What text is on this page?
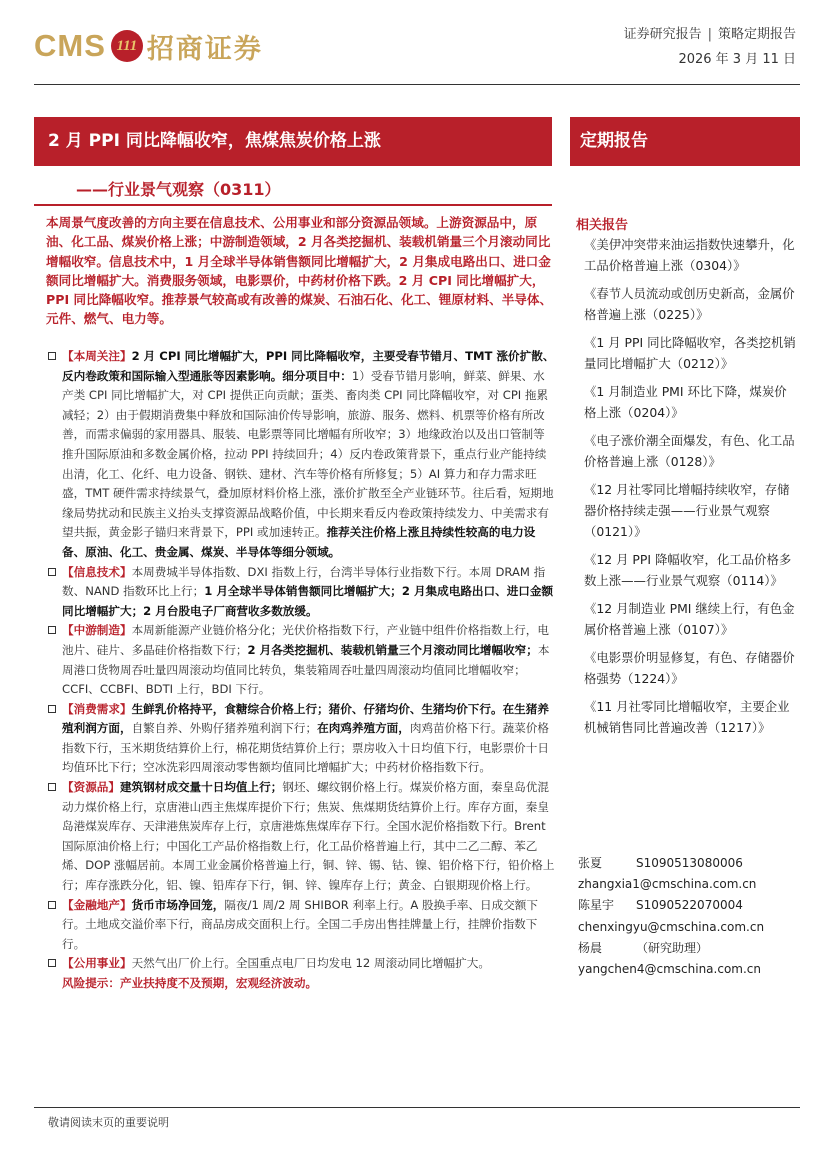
CMS 111 招商证券	证券研究报告 | 策略定期报告
2026 年 3 月 11 日
2 月 PPI 同比降幅收窄，焦煤焦炭价格上涨
——行业景气观察（0311）
定期报告
本周景气度改善的方向主要在信息技术、公用事业和部分资源品领域。上游资源品中，原油、化工品、煤炭价格上涨；中游制造领域，2 月各类挖掘机、装载机销量三个月滚动同比增幅收窄。信息技术中，1 月全球半导体销售额同比增幅扩大，2 月集成电路出口、进口金额同比增幅扩大。消费服务领域，电影票价，中药材价格下跌。2 月 CPI 同比增幅扩大，PPI 同比降幅收窄。推荐景气较高或有改善的煤炭、石油石化、化工、锂原材料、半导体、元件、燃气、电力等。
【本周关注】2 月 CPI 同比增幅扩大，PPI 同比降幅收窄，主要受春节错月、TMT 涨价扩散、反内卷政策和国际输入型通胀等因素影响。细分项目中：1）受春节错月影响，鲜菜、鲜果、水产类 CPI 同比增幅扩大，对 CPI 提供正向贡献；蛋类、畜肉类 CPI 同比降幅收窄，对 CPI 拖累减轻；2）由于假期消费集中释放和国际油价传导影响，旅游、服务、燃料、机票等价格有所改善，而需求偏弱的家用器具、服装、电影票等同比增幅有所收窄；3）地缘政治以及出口管制等推升国际原油和多数金属价格，拉动 PPI 持续回升；4）反内卷政策背景下，重点行业产能持续出清，化工、化纤、电力设备、钢铁、建材、汽车等价格有所修复；5）AI 算力和存力需求旺盛，TMT 硬件需求持续景气，叠加原材料价格上涨，涨价扩散至全产业链环节。往后看，短期地缘局势扰动和民族主义抬头支撑资源品战略价值，中长期来看反内卷政策持续发力、中美需求有望共振，黄金影子锚归来背景下，PPI 或加速转正。推荐关注价格上涨且持续性较高的电力设备、原油、化工、贵金属、煤炭、半导体等细分领域。
【信息技术】本周费城半导体指数、DXI 指数上行，台湾半导体行业指数下行。本周 DRAM 指数、NAND 指数环比上行；1 月全球半导体销售额同比增幅扩大；2 月集成电路出口、进口金额同比增幅扩大；2 月台股电子厂商营收多数放缓。
【中游制造】本周新能源产业链价格分化；光伏价格指数下行，产业链中组件价格指数上行，电池片、硅片、多晶硅价格指数下行；2 月各类挖掘机、装载机销量三个月滚动同比增幅收窄；本周港口货物周吞吐量四周滚动均值同比转负，集装箱周吞吐量四周滚动均值同比增幅收窄；CCFI、CCBFI、BDTI 上行，BDI 下行。
【消费需求】生鲜乳价格持平，食糖综合价格上行；猪价、仔猪均价、生猪均价下行。在生猪养殖利润方面，自繁自养、外购仔猪养殖利润下行；在肉鸡养殖方面，肉鸡苗价格下行。蔬菜价格指数下行，玉米期货结算价上行，棉花期货结算价上行；票房收入十日均值下行，电影票价十日均值环比下行；空冰洗彩四周滚动零售额均值同比增幅扩大；中药材价格指数下行。
【资源品】建筑钢材成交量十日均值上行；钢坯、螺纹钢价格上行。煤炭价格方面，秦皇岛优混动力煤价格上行，京唐港山西主焦煤库提价下行；焦炭、焦煤期货结算价上行。库存方面，秦皇岛港煤炭库存、天津港焦炭库存上行，京唐港炼焦煤库存下行。全国水泥价格指数下行。Brent 国际原油价格上行；中国化工产品价格指数上行，化工品价格普遍上行，其中二乙二醇、苯乙烯、DOP 涨幅居前。本周工业金属价格普遍上行，铜、锌、锡、钴、镍、铝价格下行，铅价格上行；库存涨跌分化，铝、镍、铅库存下行，铜、锌、镍库存上行；黄金、白银期现价格上行。
【金融地产】货币市场净回笼，隔夜/1 周/2 周 SHIBOR 利率上行。A 股换手率、日成交额下行。土地成交溢价率下行，商品房成交面积上行。全国二手房出售挂牌量上行，挂牌价指数下行。
【公用事业】天然气出厂价上行。全国重点电厂日均发电 12 周滚动同比增幅扩大。
风险提示：产业扶持度不及预期，宏观经济波动。
相关报告
《美伊冲突带来油运指数快速攀升，化工品价格普遍上涨（0304）》
《春节人员流动或创历史新高，金属价格普遍上涨（0225）》
《1 月 PPI 同比降幅收窄，各类挖机销量同比增幅扩大（0212）》
《1 月制造业 PMI 环比下降，煤炭价格上涨（0204）》
《电子涨价潮全面爆发，有色、化工品价格普遍上涨（0128）》
《12 月社零同比增幅持续收窄，存储器价格持续走强——行业景气观察（0121）》
《12 月 PPI 降幅收窄，化工品价格多数上涨——行业景气观察（0114）》
《12 月制造业 PMI 继续上行，有色金属价格普遍上涨（0107）》
《电影票价明显修复，有色、存储器价格强势（1224）》
《11 月社零同比增幅收窄，主要企业机械销售同比普遍改善（1217）》
张夏	S1090513080006
zhangxia1@cmschina.com.cn
陈星宇 S1090522070004
chenxingyu@cmschina.com.cn
杨晨	（研究助理）
yangchen4@cmschina.com.cn
敬请阅读末页的重要说明
